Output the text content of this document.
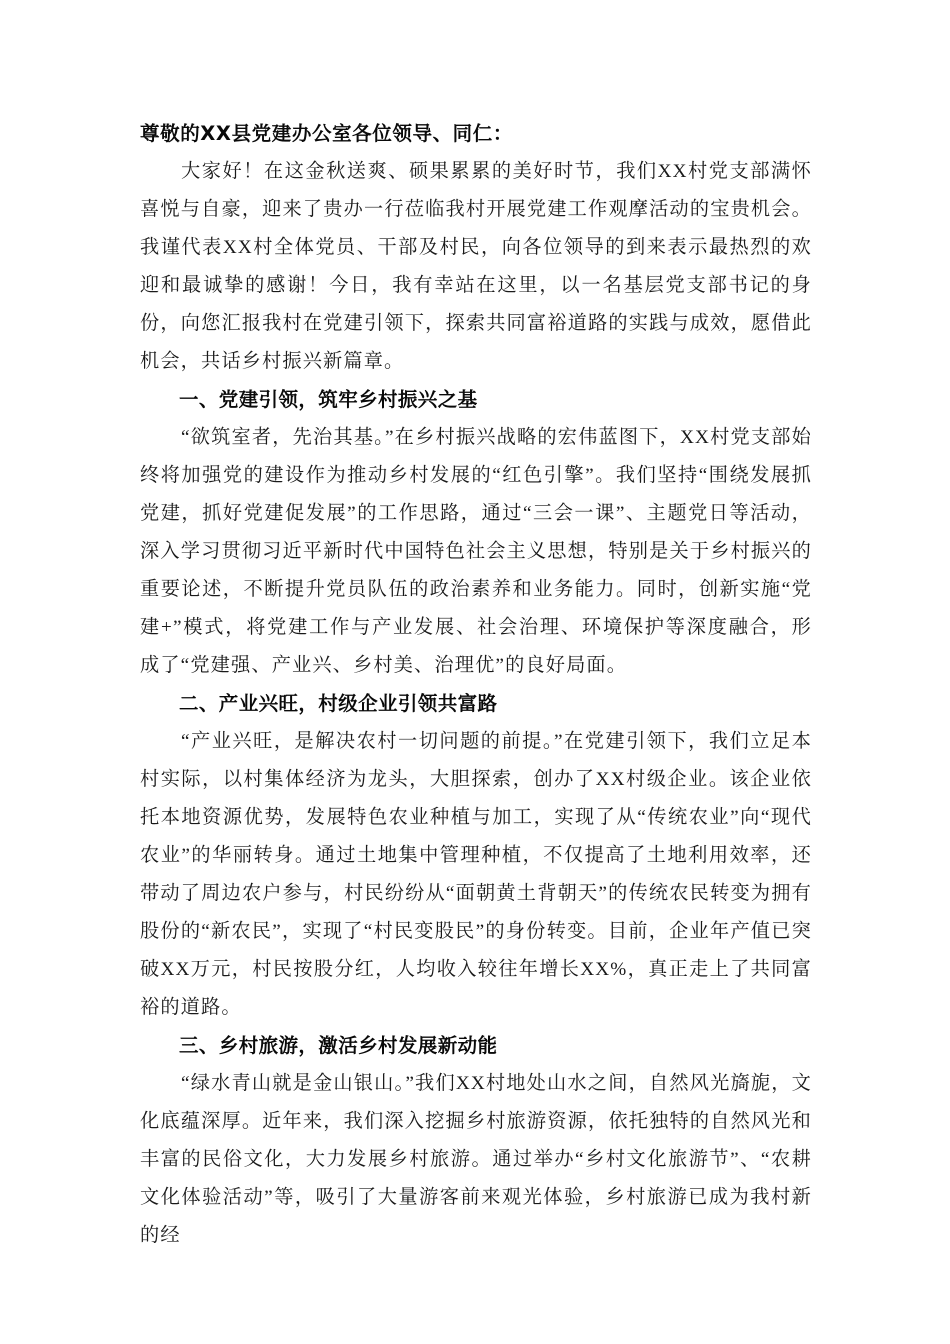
尊敬的XX县党建办公室各位领导、同仁：

大家好！在这金秋送爽、硕果累累的美好时节，我们XX村党支部满怀喜悦与自豪，迎来了贵办一行莅临我村开展党建工作观摩活动的宝贵机会。我谨代表XX村全体党员、干部及村民，向各位领导的到来表示最热烈的欢迎和最诚挚的感谢！今日，我有幸站在这里，以一名基层党支部书记的身份，向您汇报我村在党建引领下，探索共同富裕道路的实践与成效，愿借此机会，共话乡村振兴新篇章。

一、党建引领，筑牢乡村振兴之基

“欲筑室者，先治其基。”在乡村振兴战略的宏伟蓝图下，XX村党支部始终将加强党的建设作为推动乡村发展的“红色引擎”。我们坚持“围绕发展抓党建，抓好党建促发展”的工作思路，通过“三会一课”、主题党日等活动，深入学习贯彻习近平新时代中国特色社会主义思想，特别是关于乡村振兴的重要论述，不断提升党员队伍的政治素养和业务能力。同时，创新实施“党建+”模式，将党建工作与产业发展、社会治理、环境保护等深度融合，形成了“党建强、产业兴、乡村美、治理优”的良好局面。

二、产业兴旺，村级企业引领共富路

“产业兴旺，是解决农村一切问题的前提。”在党建引领下，我们立足本村实际，以村集体经济为龙头，大胆探索，创办了XX村级企业。该企业依托本地资源优势，发展特色农业种植与加工，实现了从“传统农业”向“现代农业”的华丽转身。通过土地集中管理种植，不仅提高了土地利用效率，还带动了周边农户参与，村民纷纷从“面朝黄土背朝天”的传统农民转变为拥有股份的“新农民”，实现了“村民变股民”的身份转变。目前，企业年产值已突破XX万元，村民按股分红，人均收入较往年增长XX%，真正走上了共同富裕的道路。

三、乡村旅游，激活乡村发展新动能

“绿水青山就是金山银山。”我们XX村地处山水之间，自然风光旖旎，文化底蕴深厚。近年来，我们深入挖掘乡村旅游资源，依托独特的自然风光和丰富的民俗文化，大力发展乡村旅游。通过举办“乡村文化旅游节”、“农耕文化体验活动”等，吸引了大量游客前来观光体验，乡村旅游已成为我村新的经
